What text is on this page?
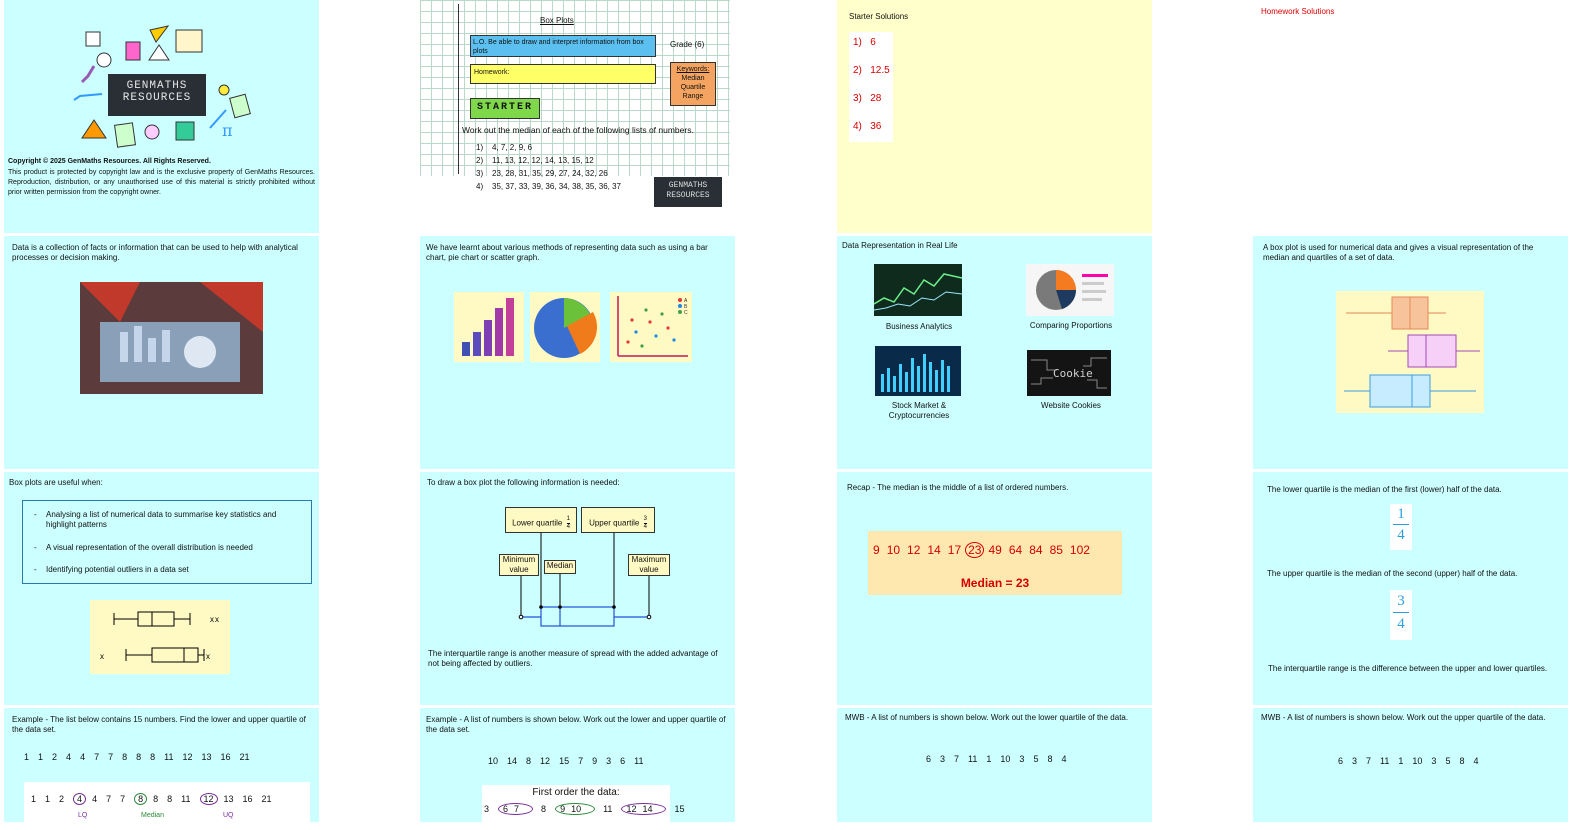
π
GENMATHS
RESOURCES
Copyright © 2025 GenMaths Resources. All Rights Reserved.
This product is protected by copyright law and is the exclusive property of GenMaths Resources. Reproduction, distribution, or any unauthorised use of this material is strictly prohibited without prior written permission from the copyright owner.
Box Plots
L.O. Be able to draw and interpret information from box plots
Grade (6)
Homework:	Keywords:
Median
Quartile
Range
STARTER
Work out the median of each of the following lists of numbers.
1)    4, 7, 2, 9, 6
2)    11, 13, 12, 12, 14, 13, 15, 12
3)    23, 28, 31, 35, 29, 27, 24, 32, 26
4)    35, 37, 33, 39, 36, 34, 38, 35, 36, 37	GENMATHS
RESOURCES
Starter Solutions
1)   6
2)   12.5
3)   28
4)   36
Homework Solutions
Data is a collection of facts or information that can be used to help with analytical processes or decision making.
We have learnt about various methods of representing data such as using a bar chart, pie chart or scatter graph.
A
B
C
Data Representation in Real Life
Business Analytics	Comparing Proportions
Cookie
Stock Market & Cryptocurrencies
Website Cookies
A box plot is used for numerical data and gives a visual representation of the median and quartiles of a set of data.
Box plots are useful when:
- Analysing a list of numerical data to summarise key statistics and highlight patterns
- A visual representation of the overall distribution is needed
- Identifying potential outliers in a data set
x x
x	x
To draw a box plot the following information is needed:
Lower quartile $\frac{1}{4}$	Upper quartile $\frac{3}{4}$
Minimum value	Median
Maximum value
The interquartile range is another measure of spread with the added advantage of not being affected by outliers.
Recap - The median is the middle of a list of ordered numbers.
9 10 12 14 17 23 49 64 84 85 102
Median = 23
The lower quartile is the median of the first (lower) half of the data.
1
4
The upper quartile is the median of the second (upper) half of the data.
3
4
The interquartile range is the difference between the upper and lower quartiles.
Example - The list below contains 15 numbers. Find the lower and upper quartile of the data set.
1 1 2 4 4 7 7 8 8 8 11 12 13 16 21
1 1 2 4 4 7 7 8 8 8 11 12 13 16 21
LQ	Median	UQ
Example - A list of numbers is shown below. Work out the lower and upper quartile of the data set.
10 14 8 12 15 7 9 3 6 11
First order the data:
3 6 7 8 9 10 11 12 14 15
MWB - A list of numbers is shown below. Work out the lower quartile of the data.
6 3 7 11 1 10 3 5 8 4
MWB - A list of numbers is shown below. Work out the upper quartile of the data.
6 3 7 11 1 10 3 5 8 4
